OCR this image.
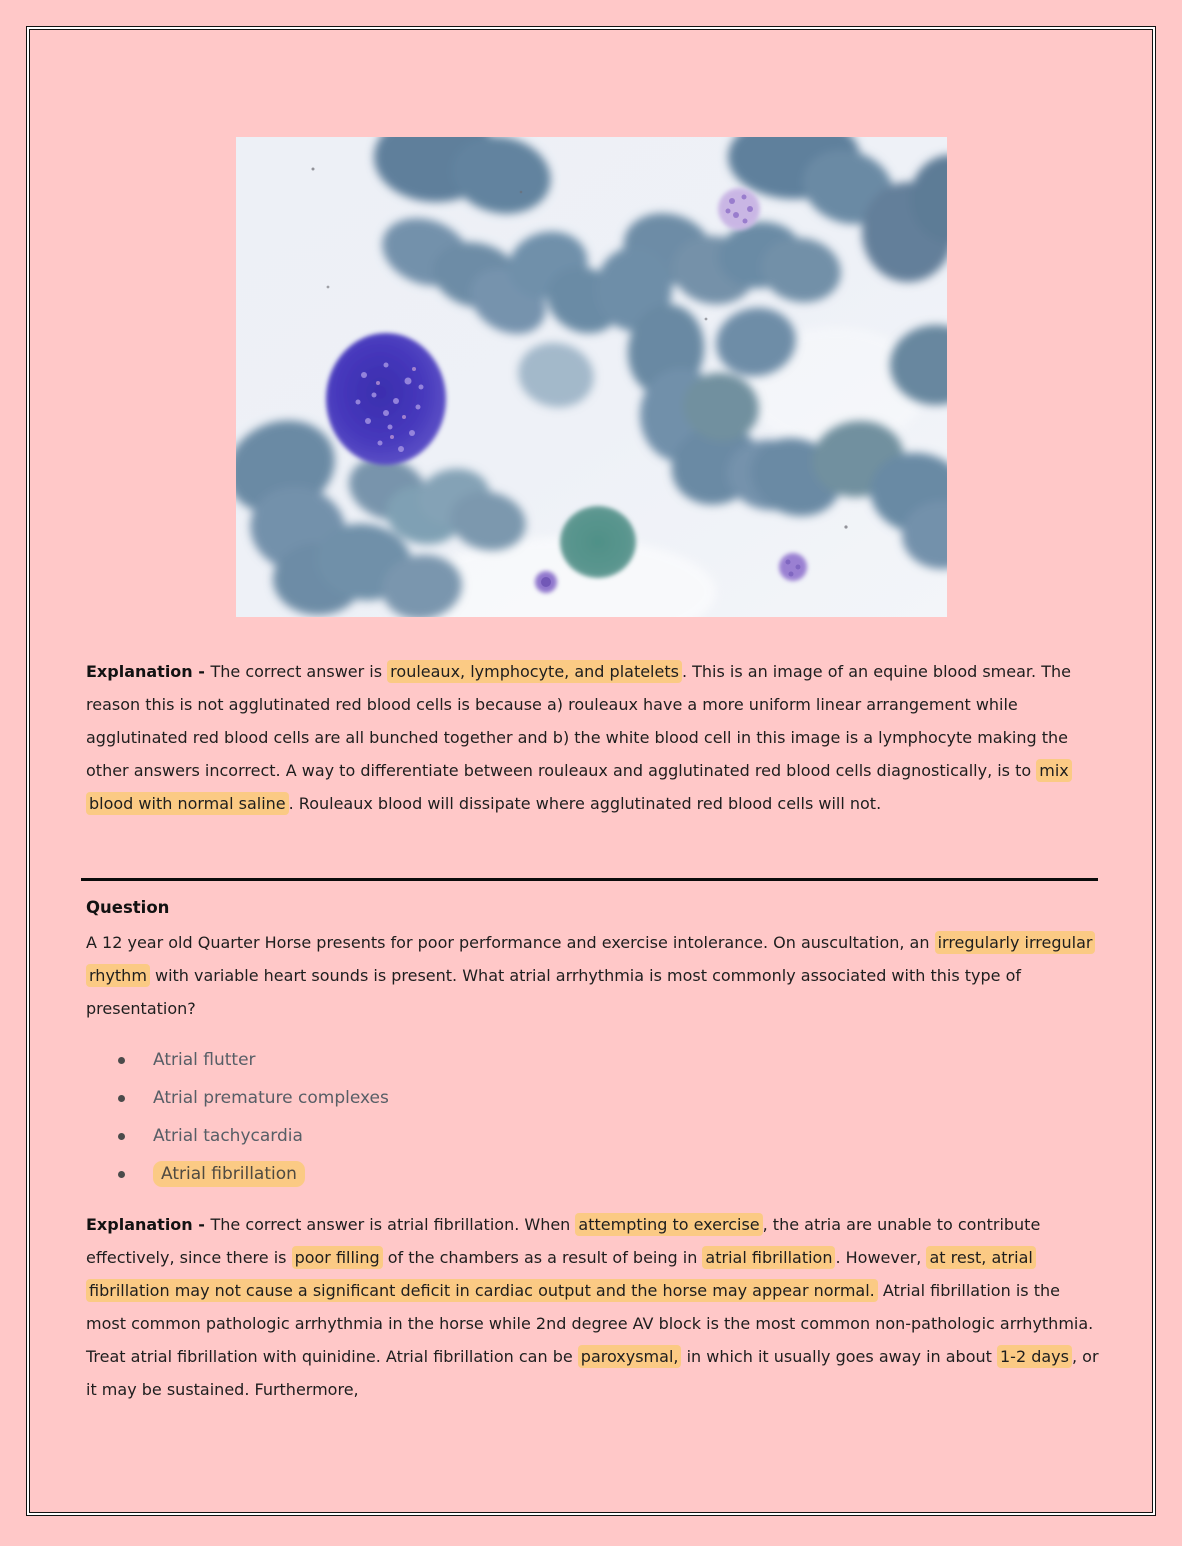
Explanation - The correct answer is rouleaux, lymphocyte, and platelets . This is an image of an equine blood smear. The reason this is not agglutinated red blood cells is because a) rouleaux have a more uniform linear arrangement while agglutinated red blood cells are all bunched together and b) the white blood cell in this image is a lymphocyte making the other answers incorrect. A way to differentiate between rouleaux and agglutinated red blood cells diagnostically, is to mix blood with normal saline . Rouleaux blood will dissipate where agglutinated red blood cells will not.

Question

A 12 year old Quarter Horse presents for poor performance and exercise intolerance. On auscultation, an irregularly irregular rhythm with variable heart sounds is present. What atrial arrhythmia is most commonly associated with this type of presentation?

Atrial flutter
Atrial premature complexes
Atrial tachycardia
Atrial fibrillation

Explanation - The correct answer is atrial fibrillation. When attempting to exercise , the atria are unable to contribute effectively, since there is poor filling of the chambers as a result of being in atrial fibrillation . However, at rest, atrial fibrillation may not cause a significant deficit in cardiac output and the horse may appear normal. Atrial fibrillation is the most common pathologic arrhythmia in the horse while 2nd degree AV block is the most common non-pathologic arrhythmia. Treat atrial fibrillation with quinidine. Atrial fibrillation can be paroxysmal, in which it usually goes away in about 1-2 days , or it may be sustained. Furthermore,
